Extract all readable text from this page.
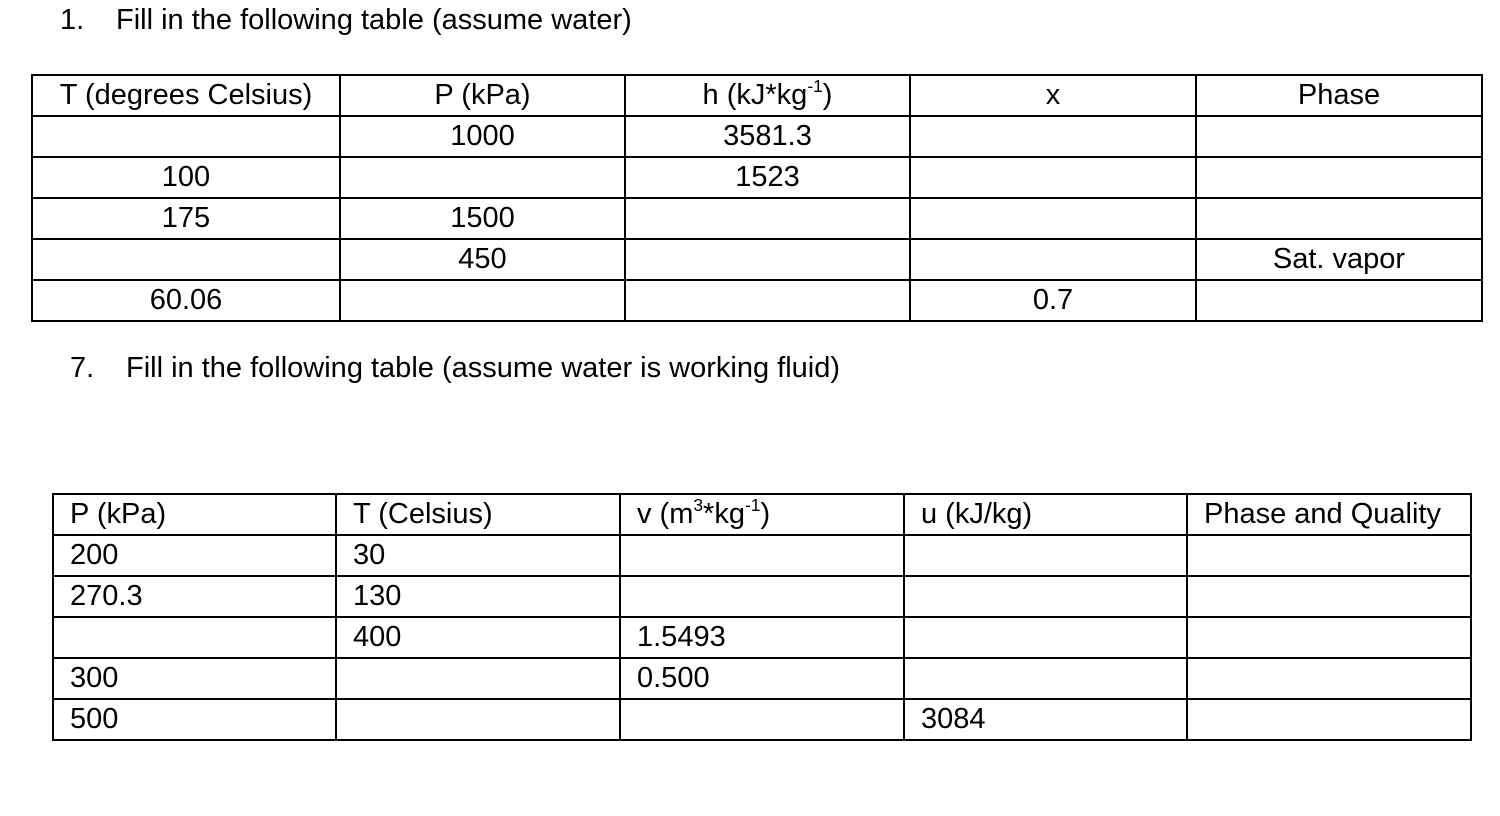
1. Fill in the following table (assume water)
T (degrees Celsius)	P (kPa)	h $(kJ*kg^{-1})$	x	Phase
	1000	3581.3		
100		1523		
175	1500			
	450			Sat. vapor
60.06			0.7	
7. Fill in the following table (assume water is working fluid)
P (kPa)	T (Celsius)	v $(m^3*kg^{-1})$	u (kJ/kg)	Phase and Quality
200	30			
270.3	130			
	400	1.5493		
300		0.500		
500			3084	
